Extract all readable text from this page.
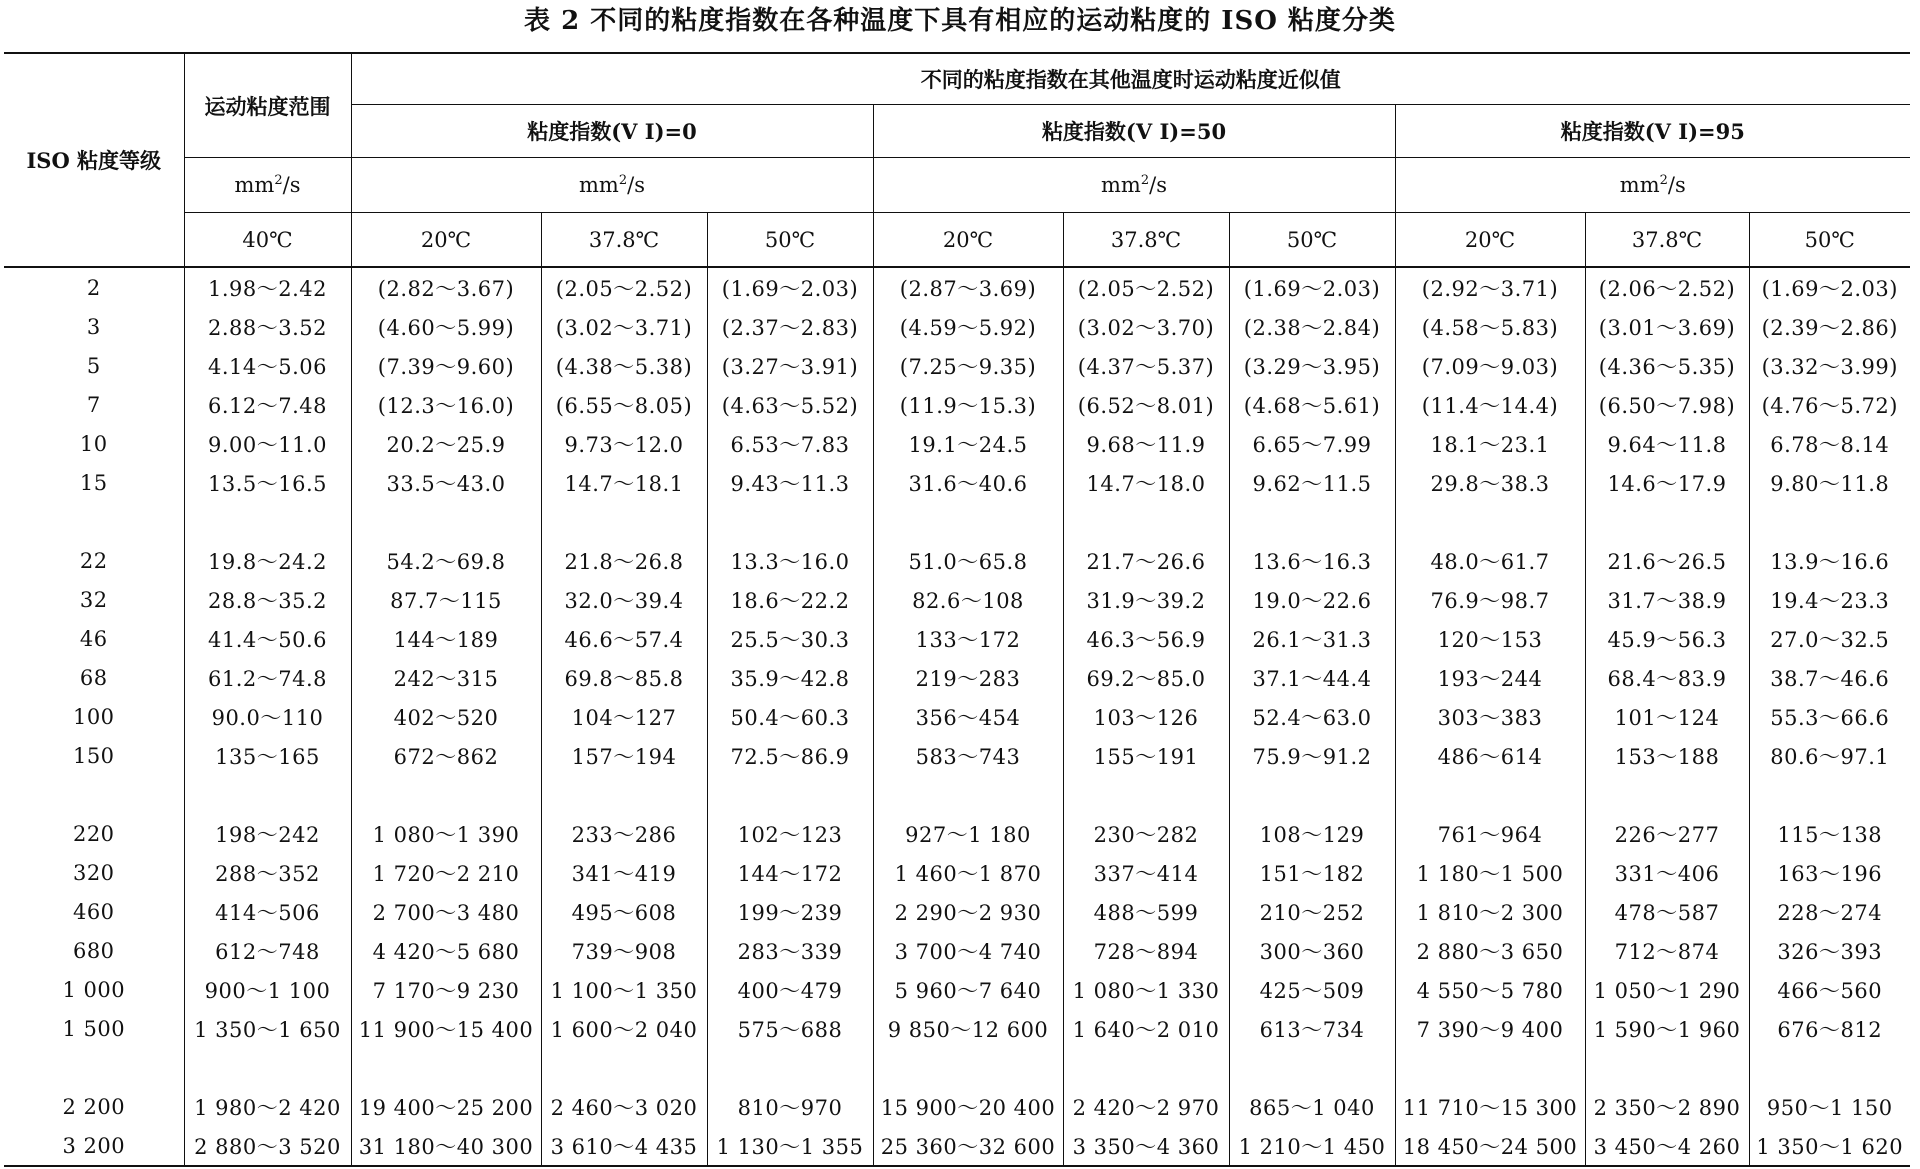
表 2 不同的粘度指数在各种温度下具有相应的运动粘度的 ISO 粘度分类
ISO 粘度等级	运动粘度范围	不同的粘度指数在其他温度时运动粘度近似值								
		粘度指数(V I)=0			粘度指数(V I)=50			粘度指数(V I)=95		
	$mm^2/s$	$mm^2/s$			$mm^2/s$			$mm^2/s$		
	40℃	20℃	37.8℃	50℃	20℃	37.8℃	50℃	20℃	37.8℃	50℃
2	1.98～2.42	(2.82～3.67)	(2.05～2.52)	(1.69～2.03)	(2.87～3.69)	(2.05～2.52)	(1.69～2.03)	(2.92～3.71)	(2.06～2.52)	(1.69～2.03)
3	2.88～3.52	(4.60～5.99)	(3.02～3.71)	(2.37～2.83)	(4.59～5.92)	(3.02～3.70)	(2.38～2.84)	(4.58～5.83)	(3.01～3.69)	(2.39～2.86)
5	4.14～5.06	(7.39～9.60)	(4.38～5.38)	(3.27～3.91)	(7.25～9.35)	(4.37～5.37)	(3.29～3.95)	(7.09～9.03)	(4.36～5.35)	(3.32～3.99)
7	6.12～7.48	(12.3～16.0)	(6.55～8.05)	(4.63～5.52)	(11.9～15.3)	(6.52～8.01)	(4.68～5.61)	(11.4～14.4)	(6.50～7.98)	(4.76～5.72)
10	9.00～11.0	20.2～25.9	9.73～12.0	6.53～7.83	19.1～24.5	9.68～11.9	6.65～7.99	18.1～23.1	9.64～11.8	6.78～8.14
15	13.5～16.5	33.5～43.0	14.7～18.1	9.43～11.3	31.6～40.6	14.7～18.0	9.62～11.5	29.8～38.3	14.6～17.9	9.80～11.8

22	19.8～24.2	54.2～69.8	21.8～26.8	13.3～16.0	51.0～65.8	21.7～26.6	13.6～16.3	48.0～61.7	21.6～26.5	13.9～16.6
32	28.8～35.2	87.7～115	32.0～39.4	18.6～22.2	82.6～108	31.9～39.2	19.0～22.6	76.9～98.7	31.7～38.9	19.4～23.3
46	41.4～50.6	144～189	46.6～57.4	25.5～30.3	133～172	46.3～56.9	26.1～31.3	120～153	45.9～56.3	27.0～32.5
68	61.2～74.8	242～315	69.8～85.8	35.9～42.8	219～283	69.2～85.0	37.1～44.4	193～244	68.4～83.9	38.7～46.6
100	90.0～110	402～520	104～127	50.4～60.3	356～454	103～126	52.4～63.0	303～383	101～124	55.3～66.6
150	135～165	672～862	157～194	72.5～86.9	583～743	155～191	75.9～91.2	486～614	153～188	80.6～97.1

220	198～242	1 080～1 390	233～286	102～123	927～1 180	230～282	108～129	761～964	226～277	115～138
320	288～352	1 720～2 210	341～419	144～172	1 460～1 870	337～414	151～182	1 180～1 500	331～406	163～196
460	414～506	2 700～3 480	495～608	199～239	2 290～2 930	488～599	210～252	1 810～2 300	478～587	228～274
680	612～748	4 420～5 680	739～908	283～339	3 700～4 740	728～894	300～360	2 880～3 650	712～874	326～393
1 000	900～1 100	7 170～9 230	1 100～1 350	400～479	5 960～7 640	1 080～1 330	425～509	4 550～5 780	1 050～1 290	466～560
1 500	1 350～1 650	11 900～15 400	1 600～2 040	575～688	9 850～12 600	1 640～2 010	613～734	7 390～9 400	1 590～1 960	676～812

2 200	1 980～2 420	19 400～25 200	2 460～3 020	810～970	15 900～20 400	2 420～2 970	865～1 040	11 710～15 300	2 350～2 890	950～1 150
3 200	2 880～3 520	31 180～40 300	3 610～4 435	1 130～1 355	25 360～32 600	3 350～4 360	1 210～1 450	18 450～24 500	3 450～4 260	1 350～1 620
